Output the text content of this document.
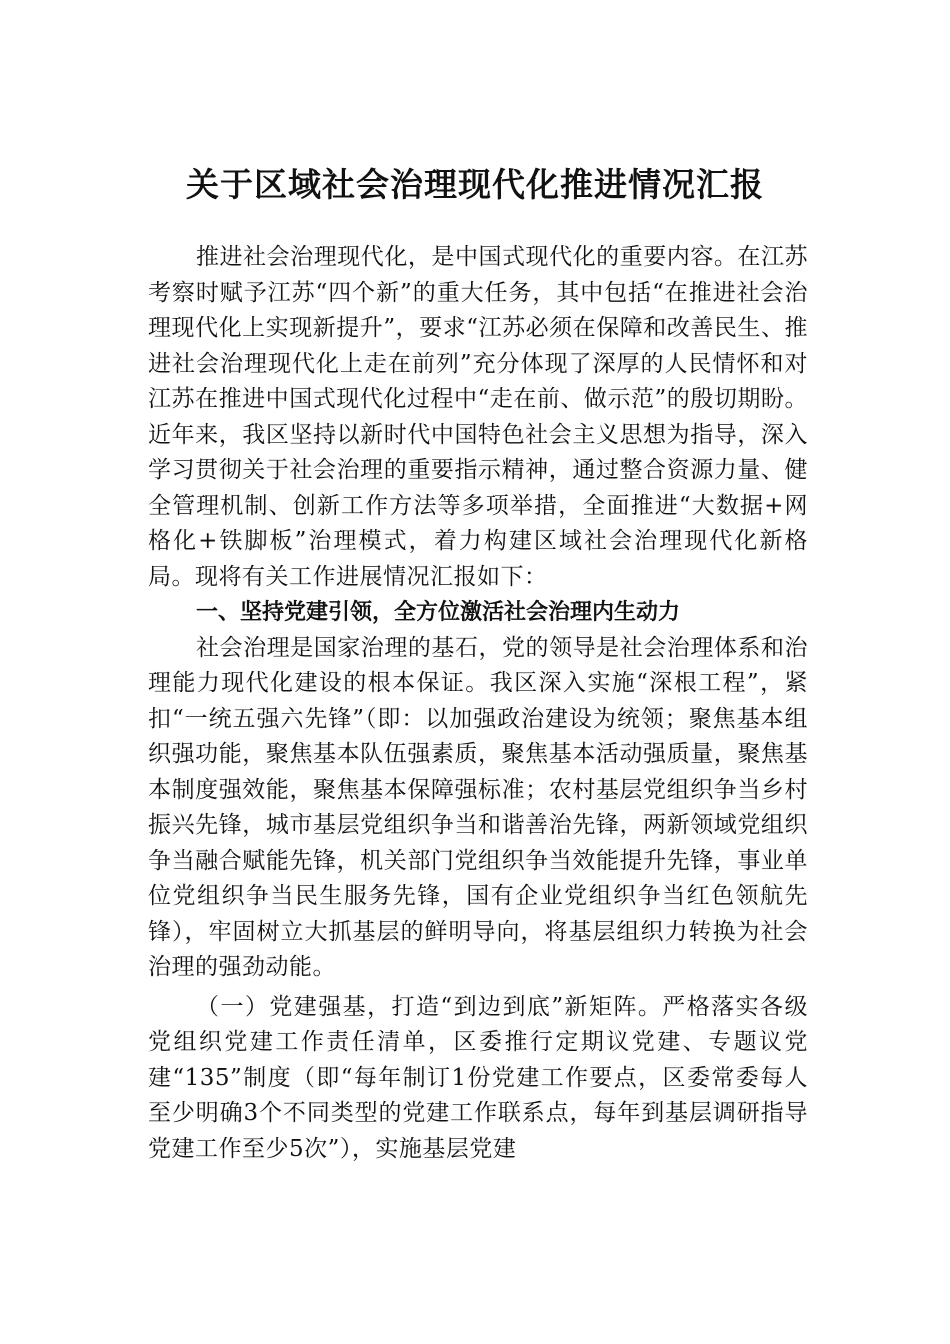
关于区域社会治理现代化推进情况汇报

推进社会治理现代化，是中国式现代化的重要内容。在江苏考察时赋予江苏“四个新”的重大任务，其中包括“在推进社会治理现代化上实现新提升”，要求“江苏必须在保障和改善民生、推进社会治理现代化上走在前列”充分体现了深厚的人民情怀和对江苏在推进中国式现代化过程中“走在前、做示范”的殷切期盼。近年来，我区坚持以新时代中国特色社会主义思想为指导，深入学习贯彻关于社会治理的重要指示精神，通过整合资源力量、健全管理机制、创新工作方法等多项举措，全面推进“大数据+网格化+铁脚板”治理模式，着力构建区域社会治理现代化新格局。现将有关工作进展情况汇报如下：

一、坚持党建引领，全方位激活社会治理内生动力

社会治理是国家治理的基石，党的领导是社会治理体系和治理能力现代化建设的根本保证。我区深入实施“深根工程”，紧扣“一统五强六先锋”（即：以加强政治建设为统领；聚焦基本组织强功能，聚焦基本队伍强素质，聚焦基本活动强质量，聚焦基本制度强效能，聚焦基本保障强标准；农村基层党组织争当乡村振兴先锋，城市基层党组织争当和谐善治先锋，两新领域党组织争当融合赋能先锋，机关部门党组织争当效能提升先锋，事业单位党组织争当民生服务先锋，国有企业党组织争当红色领航先锋），牢固树立大抓基层的鲜明导向，将基层组织力转换为社会治理的强劲动能。

（一）党建强基，打造“到边到底”新矩阵。严格落实各级党组织党建工作责任清单，区委推行定期议党建、专题议党建“135”制度（即“每年制订1份党建工作要点，区委常委每人至少明确3个不同类型的党建工作联系点，每年到基层调研指导党建工作至少5次”），实施基层党建
